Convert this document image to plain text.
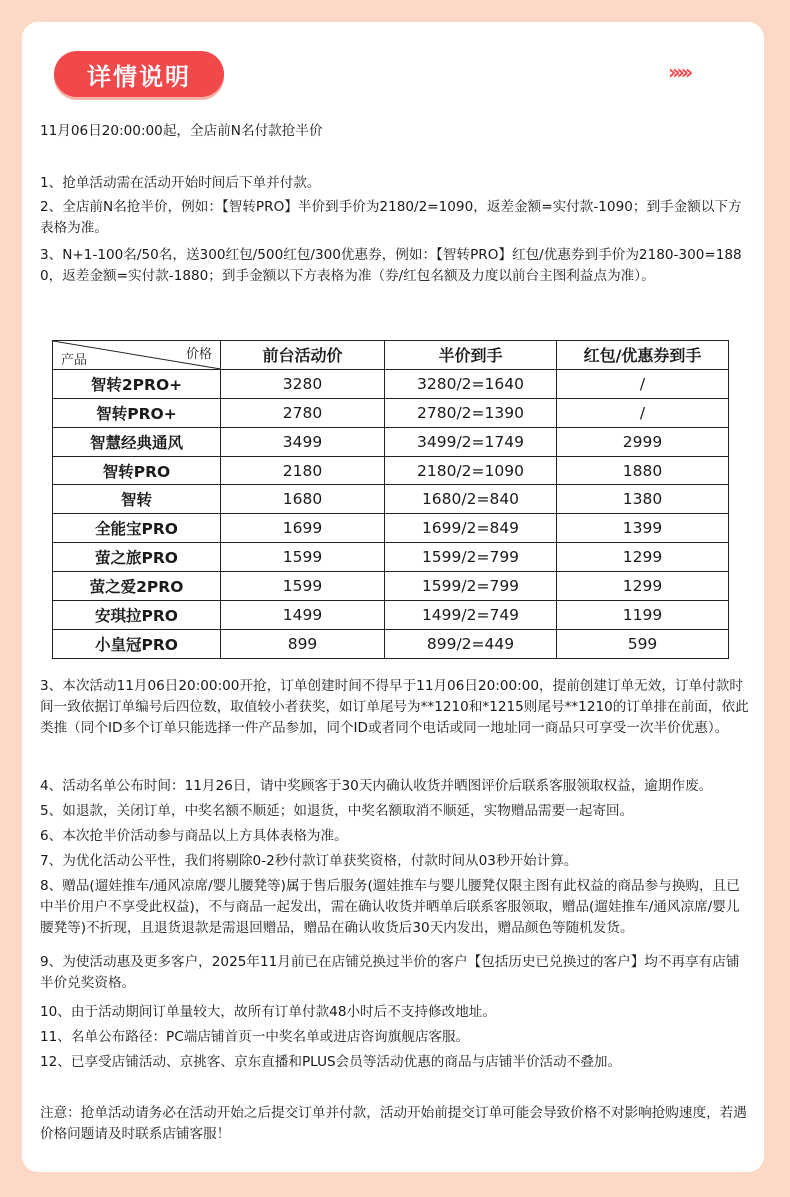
详情说明	›››››

11月06日20:00:00起，全店前N名付款抢半价

1、抢单活动需在活动开始时间后下单并付款。

2、全店前N名抢半价，例如：【智转PRO】半价到手价为2180/2=1090，返差金额=实付款-1090；到手金额以下方表格为准。

3、N+1-100名/50名，送300红包/500红包/300优惠券，例如：【智转PRO】红包/优惠券到手价为2180-300=1880，返差金额=实付款-1880；到手金额以下方表格为准（券/红包名额及力度以前台主图利益点为准）。

价格
产品	前台活动价	半价到手	红包/优惠券到手
智转2PRO+	3280	3280/2=1640	/
智转PRO+	2780	2780/2=1390	/
智慧经典通风	3499	3499/2=1749	2999
智转PRO	2180	2180/2=1090	1880
智转	1680	1680/2=840	1380
全能宝PRO	1699	1699/2=849	1399
萤之旅PRO	1599	1599/2=799	1299
萤之爱2PRO	1599	1599/2=799	1299
安琪拉PRO	1499	1499/2=749	1199
小皇冠PRO	899	899/2=449	599

3、本次活动11月06日20:00:00开抢，订单创建时间不得早于11月06日20:00:00，提前创建订单无效，订单付款时间一致依据订单编号后四位数，取值较小者获奖，如订单尾号为**1210和*1215则尾号**1210的订单排在前面，依此类推（同个ID多个订单只能选择一件产品参加，同个ID或者同个电话或同一地址同一商品只可享受一次半价优惠）。

4、活动名单公布时间：11月26日，请中奖顾客于30天内确认收货并晒图评价后联系客服领取权益，逾期作废。

5、如退款，关闭订单，中奖名额不顺延；如退货，中奖名额取消不顺延，实物赠品需要一起寄回。

6、本次抢半价活动参与商品以上方具体表格为准。

7、为优化活动公平性，我们将剔除0-2秒付款订单获奖资格，付款时间从03秒开始计算。

8、赠品(遛娃推车/通风凉席/婴儿腰凳等)属于售后服务(遛娃推车与婴儿腰凳仅限主图有此权益的商品参与换购，且已中半价用户不享受此权益)，不与商品一起发出，需在确认收货并晒单后联系客服领取，赠品(遛娃推车/通风凉席/婴儿腰凳等)不折现，且退货退款是需退回赠品，赠品在确认收货后30天内发出，赠品颜色等随机发货。

9、为使活动惠及更多客户，2025年11月前已在店铺兑换过半价的客户【包括历史已兑换过的客户】均不再享有店铺半价兑奖资格。

10、由于活动期间订单量较大，故所有订单付款48小时后不支持修改地址。

11、名单公布路径：PC端店铺首页一中奖名单或进店咨询旗舰店客服。

12、已享受店铺活动、京挑客、京东直播和PLUS会员等活动优惠的商品与店铺半价活动不叠加。

注意：抢单活动请务必在活动开始之后提交订单并付款，活动开始前提交订单可能会导致价格不对影响抢购速度，若遇价格问题请及时联系店铺客服！
